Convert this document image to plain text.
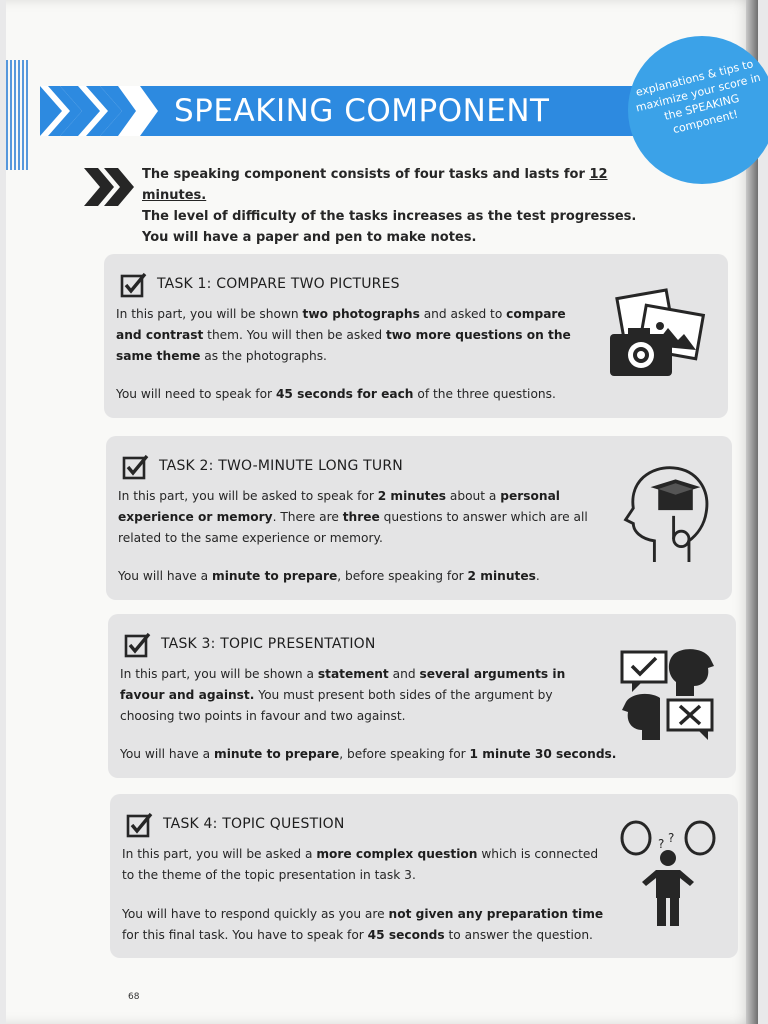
SPEAKING COMPONENT
explanations & tips to maximize your score in the SPEAKING component!
The speaking component consists of four tasks and lasts for 12 minutes.
The level of difficulty of the tasks increases as the test progresses.
You will have a paper and pen to make notes.
TASK 1: COMPARE TWO PICTURES
In this part, you will be shown two photographs and asked to compare and contrast them. You will then be asked two more questions on the same theme as the photographs.
You will need to speak for 45 seconds for each of the three questions.
TASK 2: TWO-MINUTE LONG TURN
In this part, you will be asked to speak for 2 minutes about a personal experience or memory. There are three questions to answer which are all related to the same experience or memory.
You will have a minute to prepare, before speaking for 2 minutes.
TASK 3: TOPIC PRESENTATION
In this part, you will be shown a statement and several arguments in favour and against. You must present both sides of the argument by choosing two points in favour and two against.
You will have a minute to prepare, before speaking for 1 minute 30 seconds.
TASK 4: TOPIC QUESTION
In this part, you will be asked a more complex question which is connected to the theme of the topic presentation in task 3.
You will have to respond quickly as you are not given any preparation time for this final task. You have to speak for 45 seconds to answer the question.
? ?
68
